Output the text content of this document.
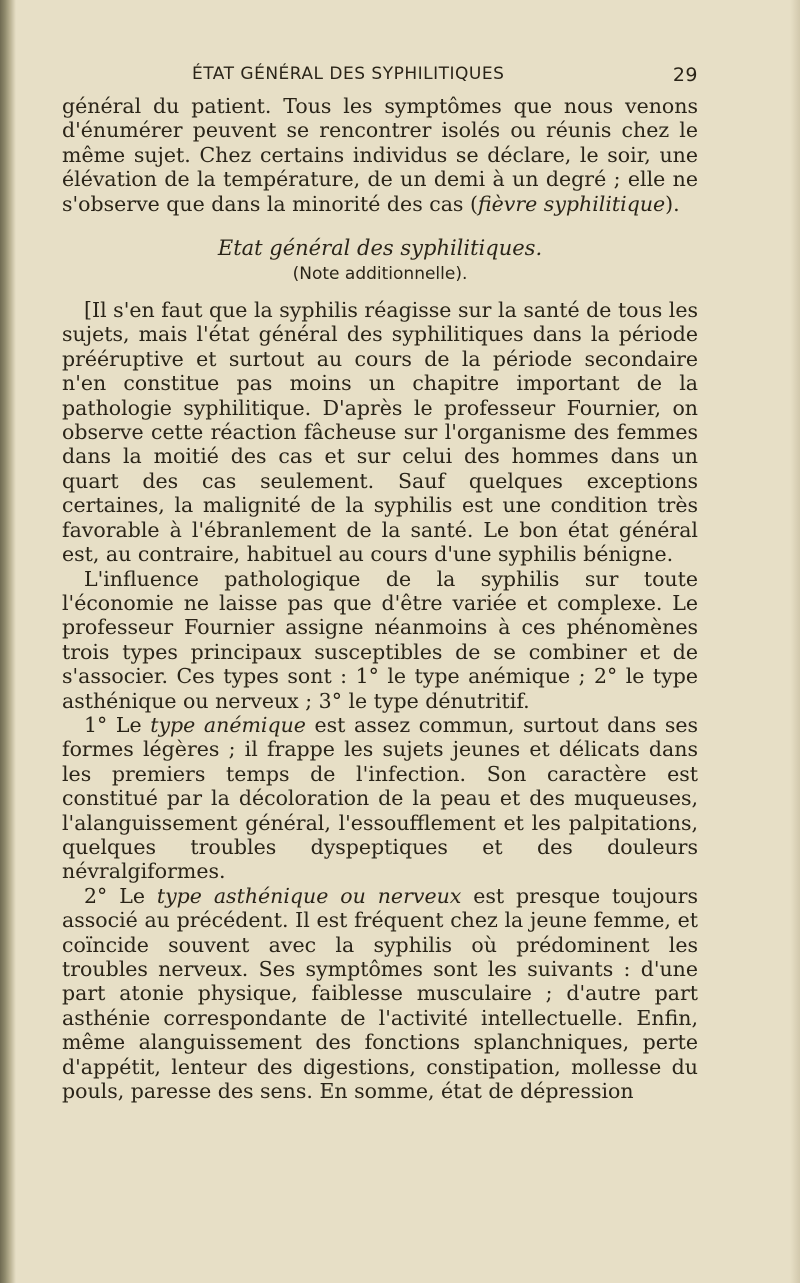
ÉTAT GÉNÉRAL DES SYPHILITIQUES	29

général du patient. Tous les symptômes que nous venons d'énumérer peuvent se rencontrer isolés ou réunis chez le même sujet. Chez certains individus se déclare, le soir, une élévation de la température, de un demi à un degré ; elle ne s'observe que dans la minorité des cas (fièvre syphilitique).

Etat général des syphilitiques.
(Note additionnelle).

[Il s'en faut que la syphilis réagisse sur la santé de tous les sujets, mais l'état général des syphilitiques dans la période prééruptive et surtout au cours de la période secondaire n'en constitue pas moins un chapitre important de la pathologie syphilitique. D'après le professeur Fournier, on observe cette réaction fâcheuse sur l'organisme des femmes dans la moitié des cas et sur celui des hommes dans un quart des cas seulement. Sauf quelques exceptions certaines, la malignité de la syphilis est une condition très favorable à l'ébranlement de la santé. Le bon état général est, au contraire, habituel au cours d'une syphilis bénigne.

L'influence pathologique de la syphilis sur toute l'économie ne laisse pas que d'être variée et complexe. Le professeur Fournier assigne néanmoins à ces phénomènes trois types principaux susceptibles de se combiner et de s'associer. Ces types sont : 1° le type anémique ; 2° le type asthénique ou nerveux ; 3° le type dénutritif.

1° Le type anémique est assez commun, surtout dans ses formes légères ; il frappe les sujets jeunes et délicats dans les premiers temps de l'infection. Son caractère est constitué par la décoloration de la peau et des muqueuses, l'alanguissement général, l'essoufflement et les palpitations, quelques troubles dyspeptiques et des douleurs névralgiformes.

2° Le type asthénique ou nerveux est presque toujours associé au précédent. Il est fréquent chez la jeune femme, et coïncide souvent avec la syphilis où prédominent les troubles nerveux. Ses symptômes sont les suivants : d'une part atonie physique, faiblesse musculaire ; d'autre part asthénie correspondante de l'activité intellectuelle. Enfin, même alanguissement des fonctions splanchniques, perte d'appétit, lenteur des digestions, constipation, mollesse du pouls, paresse des sens. En somme, état de dépression
